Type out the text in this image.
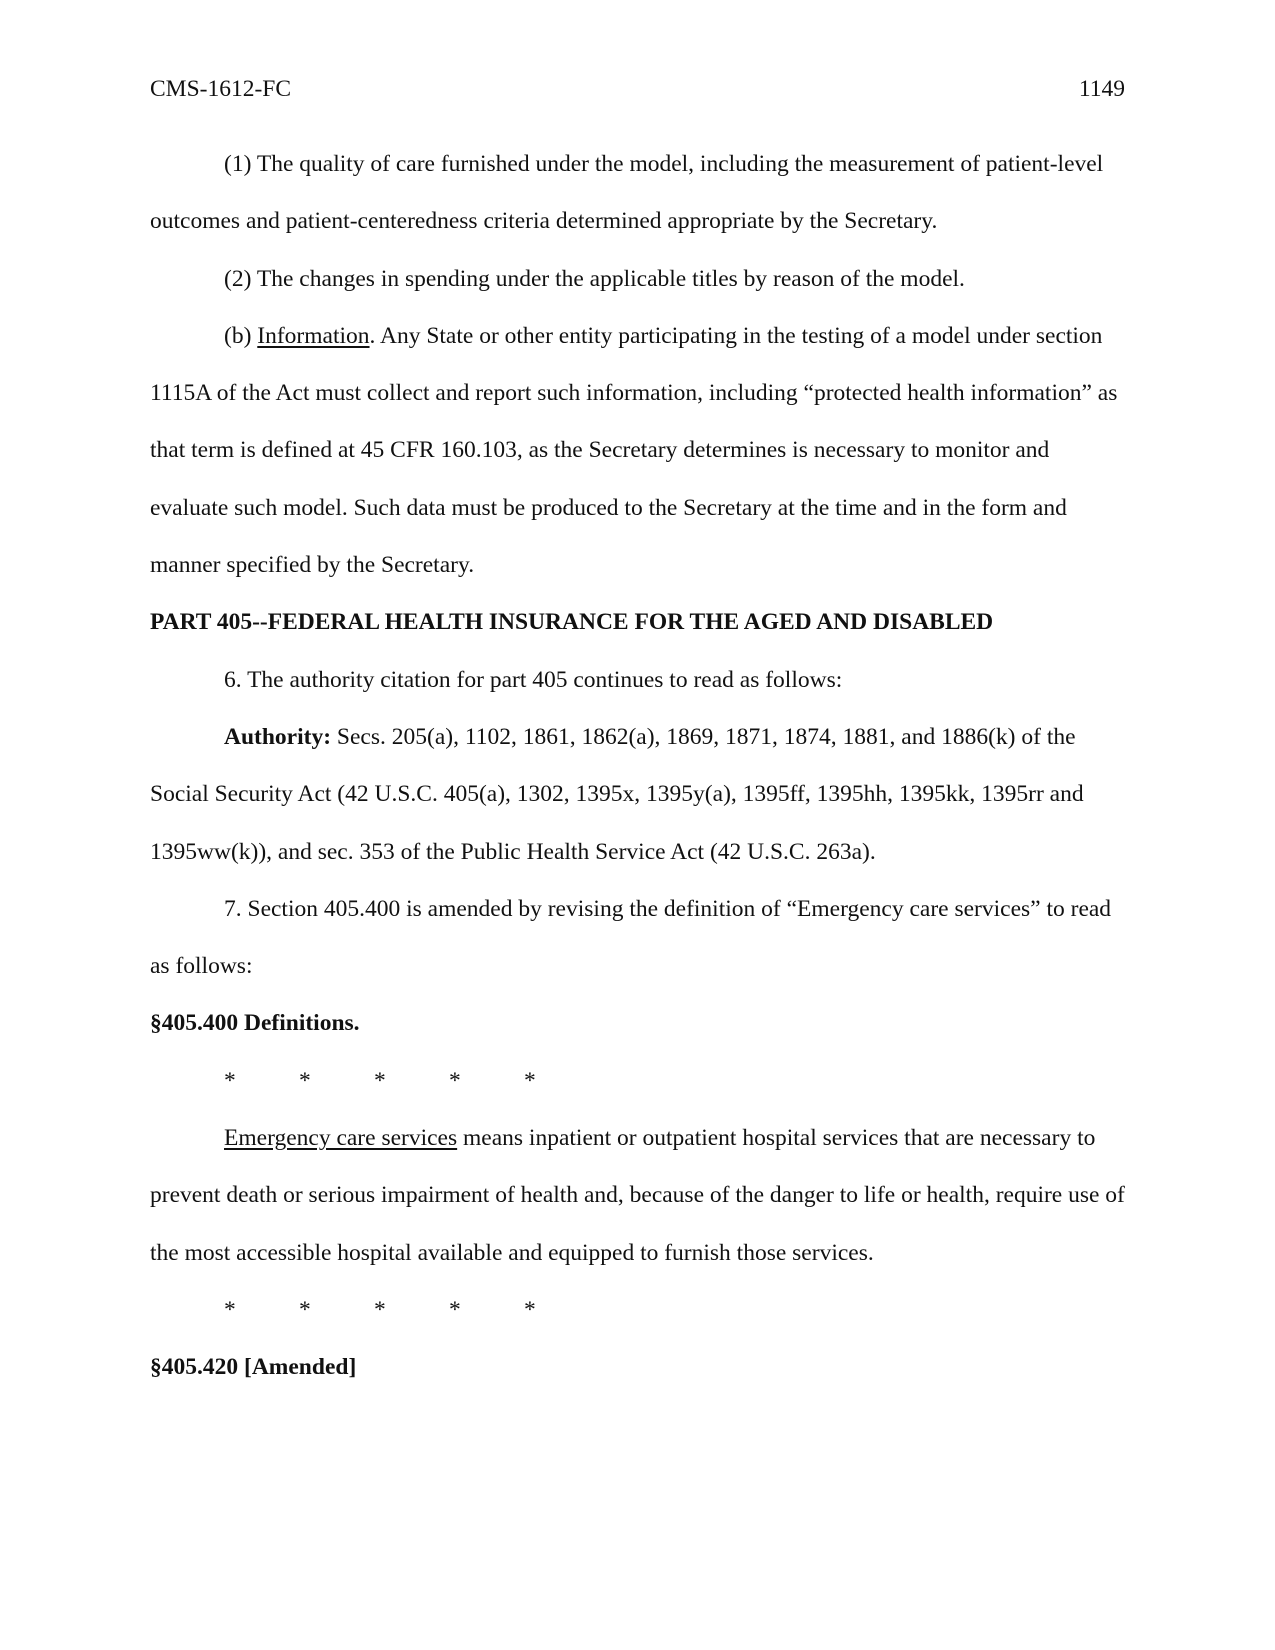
CMS-1612-FC	1149

(1) The quality of care furnished under the model, including the measurement of patient-level outcomes and patient-centeredness criteria determined appropriate by the Secretary.

(2) The changes in spending under the applicable titles by reason of the model.

(b) Information. Any State or other entity participating in the testing of a model under section 1115A of the Act must collect and report such information, including “protected health information” as that term is defined at 45 CFR 160.103, as the Secretary determines is necessary to monitor and evaluate such model. Such data must be produced to the Secretary at the time and in the form and manner specified by the Secretary.

PART 405--FEDERAL HEALTH INSURANCE FOR THE AGED AND DISABLED

6. The authority citation for part 405 continues to read as follows:

Authority: Secs. 205(a), 1102, 1861, 1862(a), 1869, 1871, 1874, 1881, and 1886(k) of the Social Security Act (42 U.S.C. 405(a), 1302, 1395x, 1395y(a), 1395ff, 1395hh, 1395kk, 1395rr and 1395ww(k)), and sec. 353 of the Public Health Service Act (42 U.S.C. 263a).

7. Section 405.400 is amended by revising the definition of “Emergency care services” to read as follows:

§405.400 Definitions.

*	*	*	*	*

Emergency care services means inpatient or outpatient hospital services that are necessary to prevent death or serious impairment of health and, because of the danger to life or health, require use of the most accessible hospital available and equipped to furnish those services.

*	*	*	*	*

§405.420 [Amended]
